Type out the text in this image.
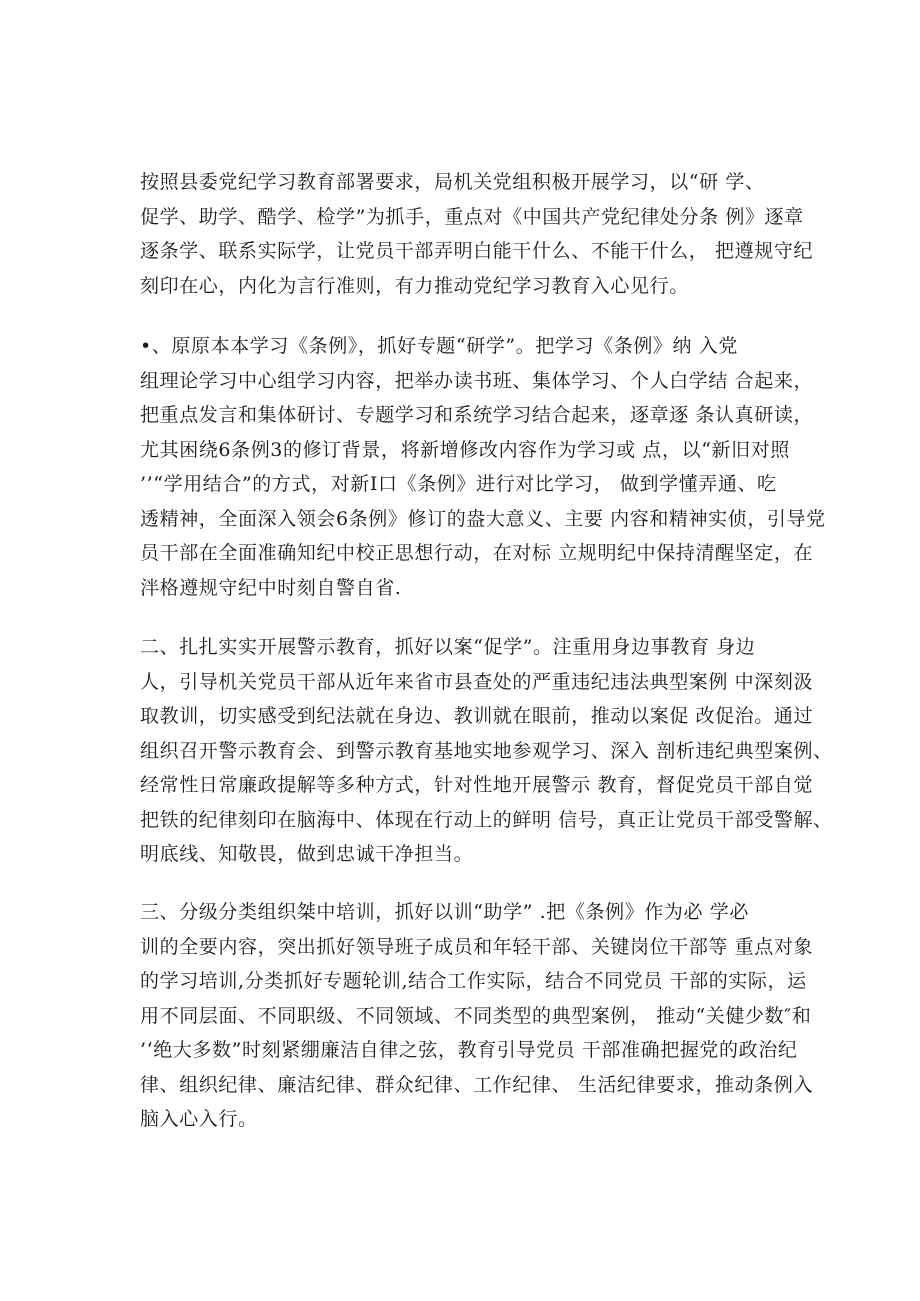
按照县委党纪学习教育部署要求，局机关党组积极开展学习，以“研 学、
促学、助学、酷学、检学”为抓手，重点对《中国共产党纪律处分条 例》逐章
逐条学、联系实际学，让党员干部弄明白能干什么、不能干什么， 把遵规守纪
刻印在心，内化为言行准则，有力推动党纪学习教育入心见行。
•、原原本本学习《条例》，抓好专题“研学”。把学习《条例》纳 入党
组理论学习中心组学习内容，把举办读书班、集体学习、个人白学结 合起来，
把重点发言和集体研讨、专题学习和系统学习结合起来，逐章逐 条认真研读，
尤其困绕6条例3的修订背景，将新增修改内容作为学习或 点，以“新旧对照
’’“学用结合”的方式，对新I口《条例》进行对比学习， 做到学懂弄通、吃
透精神，全面深入领会6条例》修订的盎大意义、主要 内容和精神实侦，引导党
员干部在全面准确知纪中校正思想行动，在对标 立规明纪中保持清醒坚定，在
泮格遵规守纪中时刻自警自省.
二、扎扎实实开展警示教育，抓好以案“促学”。注重用身边事教育 身边
人，引导机关党员干部从近年来省市县查处的严重违纪违法典型案例 中深刻汲
取教训，切实感受到纪法就在身边、教训就在眼前，推动以案促 改促治。通过
组织召开警示教育会、到警示教育基地实地参观学习、深入 剖析违纪典型案例、
经常性日常廉政提解等多种方式，针对性地开展警示 教育，督促党员干部自觉
把铁的纪律刻印在脑海中、体现在行动上的鲜明 信号，真正让党员干部受警解、
明底线、知敬畏，做到忠诚干净担当。
三、分级分类组织桀中培训，抓好以训“助学” .把《条例》作为必 学必
训的全要内容，突出抓好领导班子成员和年轻干部、关键岗位干部等 重点对象
的学习培训,分类抓好专题轮训,结合工作实际，结合不同党员 干部的实际，运
用不同层面、不同职级、不同领域、不同类型的典型案例， 推动“关健少数″和
’‘绝大多数”时刻紧绷廉洁自律之弦，教育引导党员 干部准确把握党的政治纪
律、组织纪律、廉洁纪律、群众纪律、工作纪律、 生活纪律要求，推动条例入
脑入心入行。
